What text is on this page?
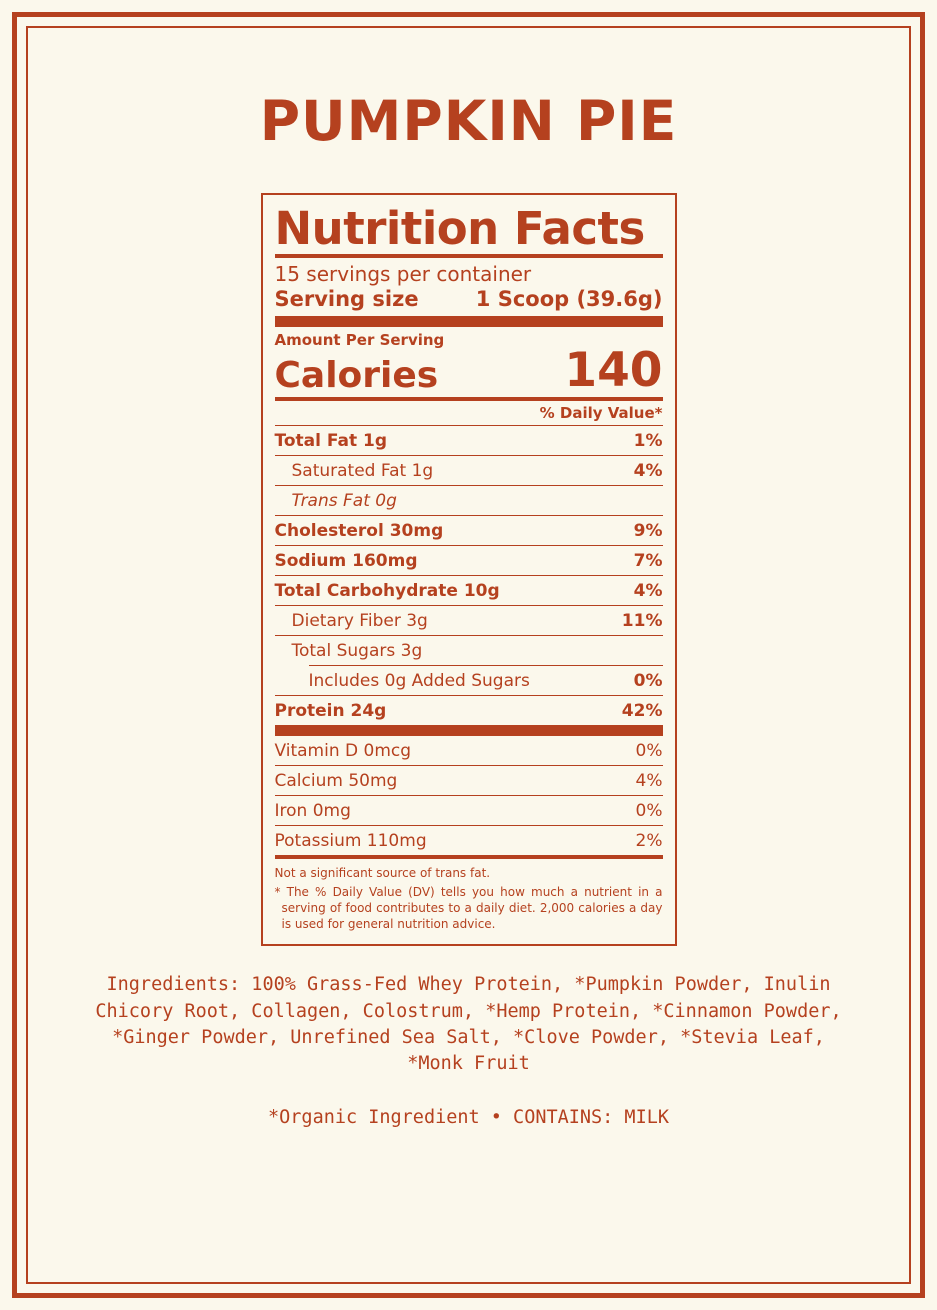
PUMPKIN PIE
Nutrition Facts
15 servings per container
Serving size	1 Scoop (39.6g)
Amount Per Serving
Calories	140
% Daily Value*
Total Fat 1g	1%
Saturated Fat 1g	4%
Trans Fat 0g
Cholesterol 30mg	9%
Sodium 160mg	7%
Total Carbohydrate 10g	4%
Dietary Fiber 3g	11%
Total Sugars 3g
Includes 0g Added Sugars	0%
Protein 24g	42%
Vitamin D 0mcg	0%
Calcium 50mg	4%
Iron 0mg	0%
Potassium 110mg	2%
Not a significant source of trans fat.
* The % Daily Value (DV) tells you how much a nutrient in a serving of food contributes to a daily diet. 2,000 calories a day is used for general nutrition advice.
Ingredients: 100% Grass-Fed Whey Protein, *Pumpkin Powder, Inulin Chicory Root, Collagen, Colostrum, *Hemp Protein, *Cinnamon Powder, *Ginger Powder, Unrefined Sea Salt, *Clove Powder, *Stevia Leaf, *Monk Fruit
*Organic Ingredient • CONTAINS: MILK
